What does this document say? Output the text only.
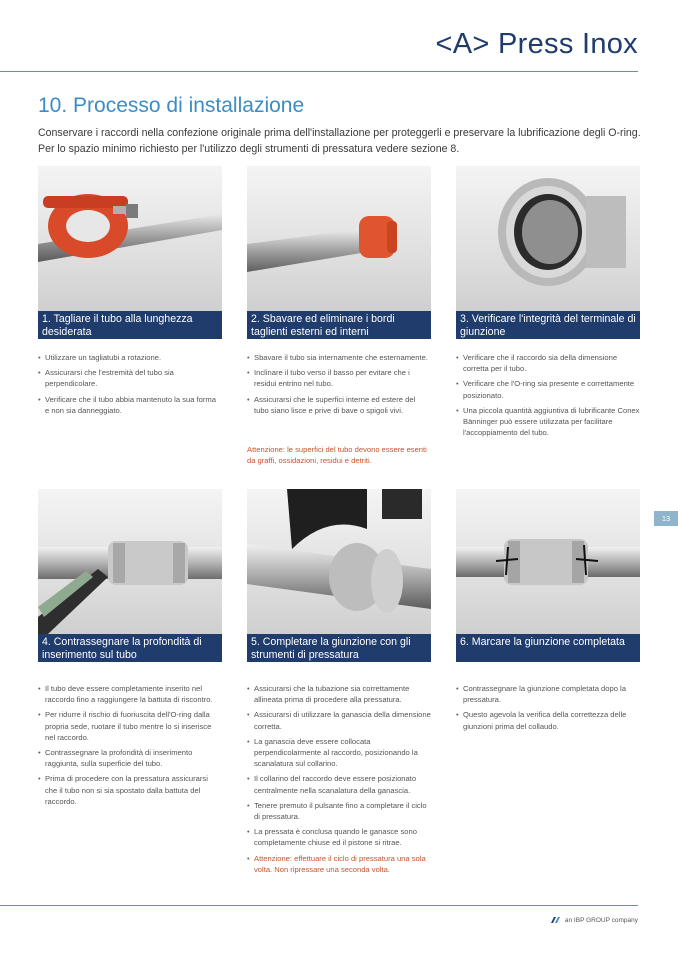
<A> Press Inox
10. Processo di installazione

Conservare i raccordi nella confezione originale prima dell'installazione per proteggerli e preservare la lubrificazione degli O-ring. Per lo spazio minimo richiesto per l'utilizzo degli strumenti di pressatura vedere sezione 8.

1. Tagliare il tubo alla lunghezza desiderata
• Utilizzare un tagliatubi a rotazione.
• Assicurarsi che l'estremità del tubo sia perpendicolare.
• Verificare che il tubo abbia mantenuto la sua forma e non sia danneggiato.
2. Sbavare ed eliminare i bordi taglienti esterni ed interni
• Sbavare il tubo sia internamente che esternamente.
• Inclinare il tubo verso il basso per evitare che i residui entrino nel tubo.
• Assicurarsi che le superfici interne ed estere del tubo siano lisce e prive di bave o spigoli vivi.
Attenzione: le superfici del tubo devono essere esenti da graffi, ossidazioni, residui e detriti.
3. Verificare l'integrità del terminale di giunzione
• Verificare che il raccordo sia della dimensione corretta per il tubo.
• Verificare che l'O-ring sia presente e correttamente posizionato.
• Una piccola quantità aggiuntiva di lubrificante Conex Bänninger può essere utilizzata per facilitare l'accoppiamento del tubo.
4. Contrassegnare la profondità di inserimento sul tubo
• Il tubo deve essere completamente inserito nel raccordo fino a raggiungere la battuta di riscontro.
• Per ridurre il rischio di fuoriuscita dell'O-ring dalla propria sede, ruotare il tubo mentre lo si inserisce nel raccordo.
• Contrassegnare la profondità di inserimento raggiunta, sulla superficie del tubo.
• Prima di procedere con la pressatura assicurarsi che il tubo non si sia spostato dalla battuta del raccordo.
5. Completare la giunzione con gli strumenti di pressatura
• Assicurarsi che la tubazione sia correttamente allineata prima di procedere alla pressatura.
• Assicurarsi di utilizzare la ganascia della dimensione corretta.
• La ganascia deve essere collocata perpendicolarmente al raccordo, posizionando la scanalatura sul collarino.
• Il collarino del raccordo deve essere posizionato centralmente nella scanalatura della ganascia.
• Tenere premuto il pulsante fino a completare il ciclo di pressatura.
• La pressata è conclusa quando le ganasce sono completamente chiuse ed il pistone si ritrae.
• Attenzione: effettuare il ciclo di pressatura una sola volta. Non ripressare una seconda volta.
6. Marcare la giunzione completata
• Contrassegnare la giunzione completata dopo la pressatura.
• Questo agevola la verifica della correttezza delle giunzioni prima del collaudo.
13
an IBP GROUP company
